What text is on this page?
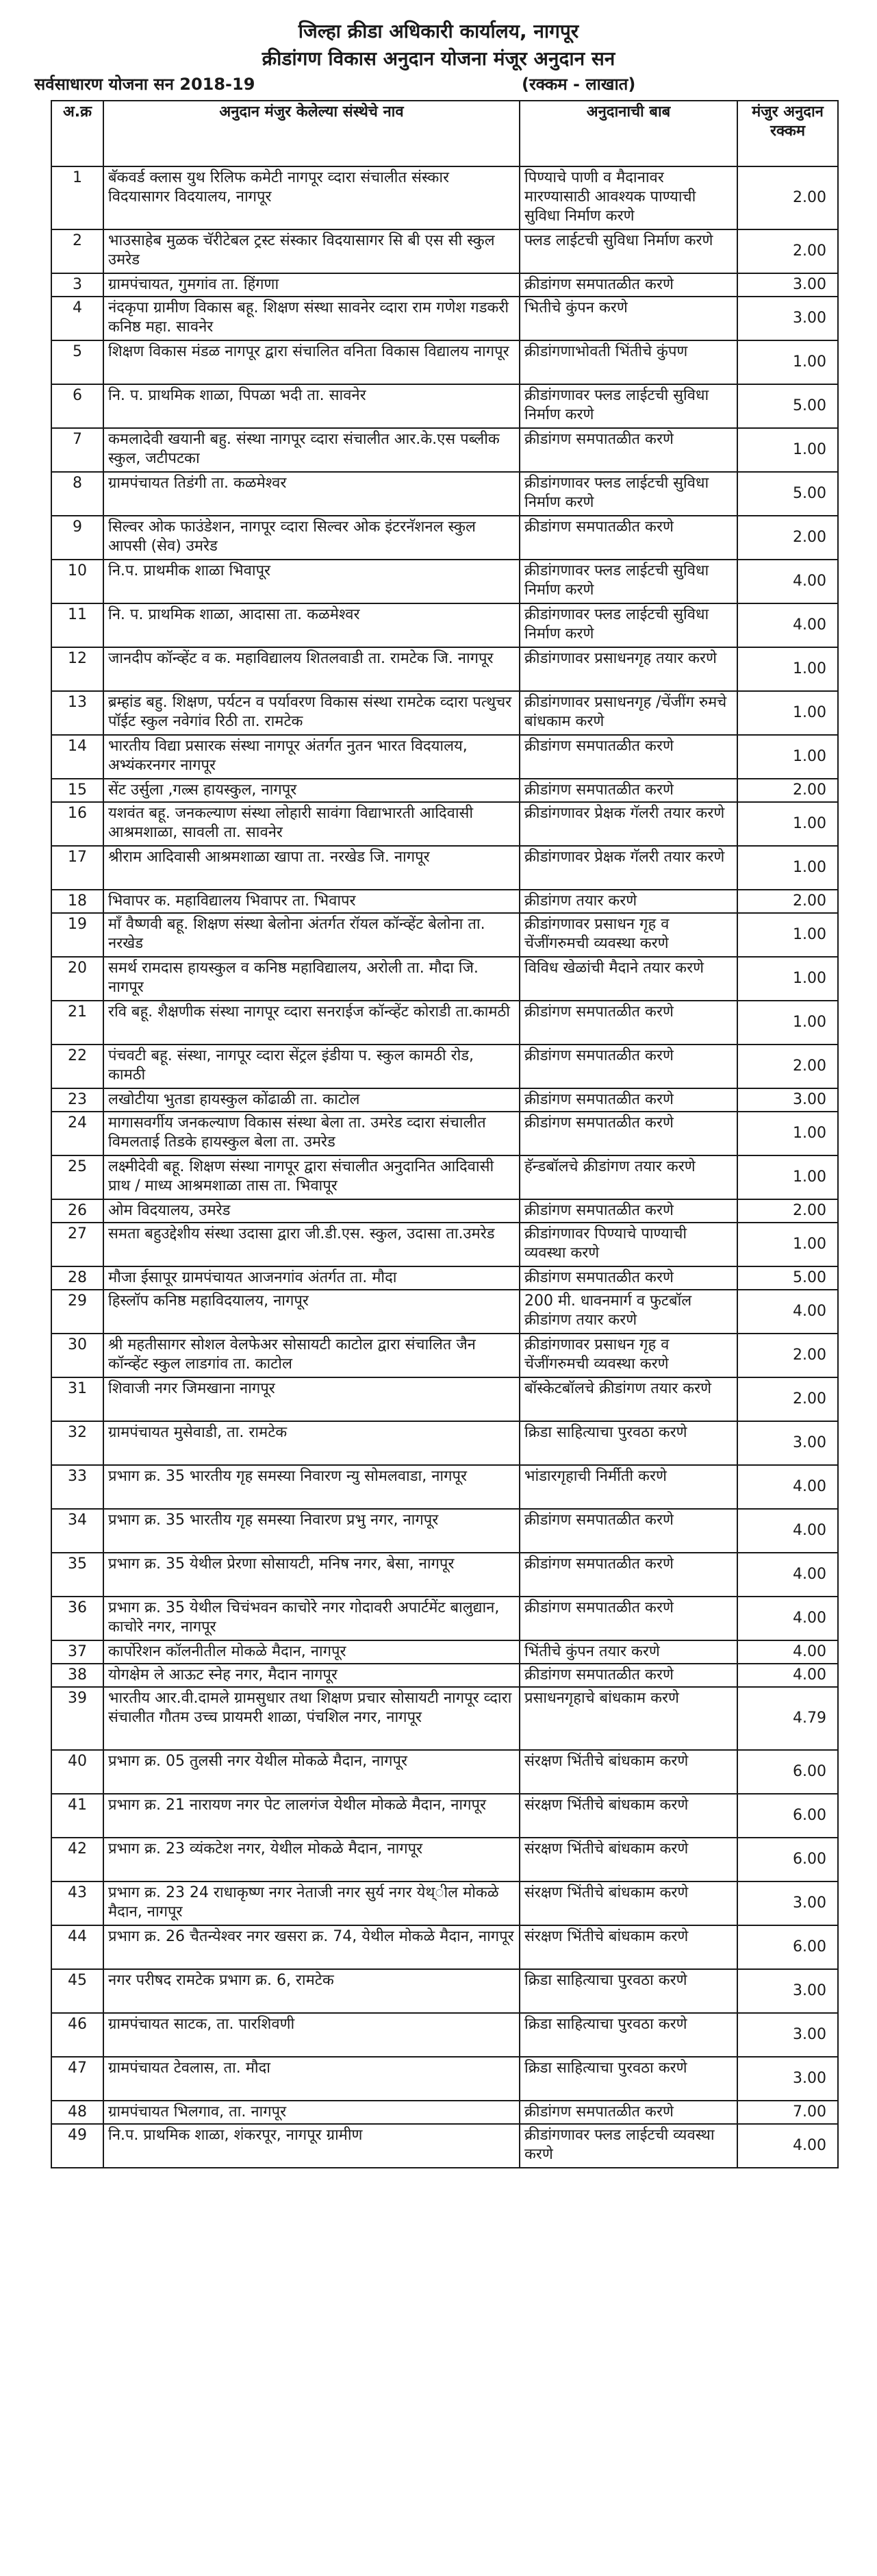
जिल्हा क्रीडा अधिकारी कार्यालय, नागपूर
क्रीडांगण विकास अनुदान योजना मंजूर अनुदान सन
सर्वसाधारण योजना सन 2018-19	(रक्कम - लाखात)
अ.क्र	अनुदान मंजुर केलेल्या संस्थेचे नाव	अनुदानाची बाब	मंजुर अनुदान रक्कम
1	बॅकवर्ड क्लास युथ रिलिफ कमेटी नागपूर व्दारा संचालीत संस्कार विदयासागर विदयालय, नागपूर	पिण्याचे पाणी व मैदानावर मारण्यासाठी आवश्यक पाण्याची सुविधा निर्माण करणे	2.00
2	भाउसाहेब मुळक चॅरीटेबल ट्रस्ट संस्कार विदयासागर सि बी एस सी स्कुल उमरेड	फ्लड लाईटची सुविधा निर्माण करणे	2.00
3	ग्रामपंचायत, गुमगांव ता. हिंगणा	क्रीडांगण समपातळीत करणे	3.00
4	नंदकृपा ग्रामीण विकास बहू. शिक्षण संस्था सावनेर व्दारा राम गणेश गडकरी कनिष्ठ महा. सावनेर	भितीचे कुंपन करणे	3.00
5	शिक्षण विकास मंडळ नागपूर द्वारा संचालित वनिता विकास विद्यालय नागपूर	क्रीडांगणाभोवती भिंतीचे कुंपण	1.00
6	नि. प. प्राथमिक शाळा, पिपळा भदी ता. सावनेर	क्रीडांगणावर फ्लड लाईटची सुविधा निर्माण करणे	5.00
7	कमलादेवी खयानी बहु. संस्था नागपूर व्दारा संचालीत आर.के.एस पब्लीक स्कुल, जटीपटका	क्रीडांगण समपातळीत करणे	1.00
8	ग्रामपंचायत तिडंगी ता. कळमेश्वर	क्रीडांगणावर फ्लड लाईटची सुविधा निर्माण करणे	5.00
9	सिल्वर ओक फाउंडेशन, नागपूर व्दारा सिल्वर ओक इंटरनॅशनल स्कुल आपसी (सेव) उमरेड	क्रीडांगण समपातळीत करणे	2.00
10	नि.प. प्राथमीक शाळा भिवापूर	क्रीडांगणावर फ्लड लाईटची सुविधा निर्माण करणे	4.00
11	नि. प. प्राथमिक शाळा, आदासा ता. कळमेश्वर	क्रीडांगणावर फ्लड लाईटची सुविधा निर्माण करणे	4.00
12	जानदीप कॉन्व्हेंट व क. महाविद्यालय शितलवाडी ता. रामटेक जि. नागपूर	क्रीडांगणावर प्रसाधनगृह तयार करणे	1.00
13	ब्रम्हांड बहु. शिक्षण, पर्यटन व पर्यावरण विकास संस्था रामटेक व्दारा पत्थुचर पॉईट स्कुल नवेगांव रिठी ता. रामटेक	क्रीडांगणावर प्रसाधनगृह /चेंजींग रुमचे बांधकाम करणे	1.00
14	भारतीय विद्या प्रसारक संस्था नागपूर अंतर्गत नुतन भारत विदयालय, अभ्यंकरनगर नागपूर	क्रीडांगण समपातळीत करणे	1.00
15	सेंट उर्सुला ,गल्र्स हायस्कुल, नागपूर	क्रीडांगण समपातळीत करणे	2.00
16	यशवंत बहू. जनकल्याण संस्था लोहारी सावंगा विद्याभारती आदिवासी आश्रमशाळा, सावली ता. सावनेर	क्रीडांगणावर प्रेक्षक गॅलरी तयार करणे	1.00
17	श्रीराम आदिवासी आश्रमशाळा खापा ता. नरखेड जि. नागपूर	क्रीडांगणावर प्रेक्षक गॅलरी तयार करणे	1.00
18	भिवापर क. महाविद्यालय भिवापर ता. भिवापर	क्रीडांगण तयार करणे	2.00
19	माँ वैष्णवी बहू. शिक्षण संस्था बेलोना अंतर्गत रॉयल कॉन्व्हेंट बेलोना ता. नरखेड	क्रीडांगणावर प्रसाधन गृह व चेंजींगरुमची व्यवस्था करणे	1.00
20	समर्थ रामदास हायस्कुल व कनिष्ठ महाविद्यालय, अरोली ता. मौदा जि. नागपूर	विविध खेळांची मैदाने तयार करणे	1.00
21	रवि बहू. शैक्षणीक संस्था नागपूर व्दारा सनराईज कॉन्व्हेंट कोराडी ता.कामठी	क्रीडांगण समपातळीत करणे	1.00
22	पंचवटी बहू. संस्था, नागपूर व्दारा सेंट्रल इंडीया प. स्कुल कामठी रोड, कामठी	क्रीडांगण समपातळीत करणे	2.00
23	लखोटीया भुतडा हायस्कुल कोंढाळी ता. काटोल	क्रीडांगण समपातळीत करणे	3.00
24	मागासवर्गीय जनकल्याण विकास संस्था बेला ता. उमरेड व्दारा संचालीत विमलताई तिडके हायस्कुल बेला ता. उमरेड	क्रीडांगण समपातळीत करणे	1.00
25	लक्ष्मीदेवी बहू. शिक्षण संस्था नागपूर द्वारा संचालीत अनुदानित आदिवासी प्राथ / माध्य आश्रमशाळा तास ता. भिवापूर	हॅन्डबॉलचे क्रीडांगण तयार करणे	1.00
26	ओम विदयालय, उमरेड	क्रीडांगण समपातळीत करणे	2.00
27	समता बहुउद्देशीय संस्था उदासा द्वारा जी.डी.एस. स्कुल, उदासा ता.उमरेड	क्रीडांगणावर पिण्याचे पाण्याची व्यवस्था करणे	1.00
28	मौजा ईसापूर ग्रामपंचायत आजनगांव अंतर्गत ता. मौदा	क्रीडांगण समपातळीत करणे	5.00
29	हिस्लॉप कनिष्ठ महाविदयालय, नागपूर	200 मी. धावनमार्ग व फुटबॉल क्रीडांगण तयार करणे	4.00
30	श्री महतीसागर सोशल वेलफेअर सोसायटी काटोल द्वारा संचालित जैन कॉन्व्हेंट स्कुल लाडगांव ता. काटोल	क्रीडांगणावर प्रसाधन गृह व चेंजींगरुमची व्यवस्था करणे	2.00
31	शिवाजी नगर जिमखाना नागपूर	बॉस्केटबॉलचे क्रीडांगण तयार करणे	2.00
32	ग्रामपंचायत मुसेवाडी, ता. रामटेक	क्रिडा साहित्याचा पुरवठा करणे	3.00
33	प्रभाग क्र. 35 भारतीय गृह समस्या निवारण न्यु सोमलवाडा, नागपूर	भांडारगृहाची निर्मीती करणे	4.00
34	प्रभाग क्र. 35 भारतीय गृह समस्या निवारण प्रभु नगर, नागपूर	क्रीडांगण समपातळीत करणे	4.00
35	प्रभाग क्र. 35 येथील प्रेरणा सोसायटी, मनिष नगर, बेसा, नागपूर	क्रीडांगण समपातळीत करणे	4.00
36	प्रभाग क्र. 35 येथील चिचंभवन काचोरे नगर गोदावरी अपार्टमेंट बालुद्यान, काचोरे नगर, नागपूर	क्रीडांगण समपातळीत करणे	4.00
37	कार्पोरेशन कॉलनीतील मोकळे मैदान, नागपूर	भिंतीचे कुंपन तयार करणे	4.00
38	योगक्षेम ले आऊट स्नेह नगर, मैदान नागपूर	क्रीडांगण समपातळीत करणे	4.00
39	भारतीय आर.वी.दामले ग्रामसुधार तथा शिक्षण प्रचार सोसायटी नागपूर व्दारा संचालीत गौतम उच्च प्रायमरी शाळा, पंचशिल नगर, नागपूर	प्रसाधनगृहाचे बांधकाम करणे	4.79
40	प्रभाग क्र. 05 तुलसी नगर येथील मोकळे मैदान, नागपूर	संरक्षण भिंतीचे बांधकाम करणे	6.00
41	प्रभाग क्र. 21 नारायण नगर पेट लालगंज येथील मोकळे मैदान, नागपूर	संरक्षण भिंतीचे बांधकाम करणे	6.00
42	प्रभाग क्र. 23 व्यंकटेश नगर, येथील मोकळे मैदान, नागपूर	संरक्षण भिंतीचे बांधकाम करणे	6.00
43	प्रभाग क्र. 23 24 राधाकृष्ण नगर नेताजी नगर सुर्य नगर येथ्ील मोकळे मैदान, नागपूर	संरक्षण भिंतीचे बांधकाम करणे	3.00
44	प्रभाग क्र. 26 चैतन्येश्वर नगर खसरा क्र. 74, येथील मोकळे मैदान, नागपूर	संरक्षण भिंतीचे बांधकाम करणे	6.00
45	नगर परीषद रामटेक प्रभाग क्र. 6, रामटेक	क्रिडा साहित्याचा पुरवठा करणे	3.00
46	ग्रामपंचायत साटक, ता. पारशिवणी	क्रिडा साहित्याचा पुरवठा करणे	3.00
47	ग्रामपंचायत टेवलास, ता. मौदा	क्रिडा साहित्याचा पुरवठा करणे	3.00
48	ग्रामपंचायत भिलगाव, ता. नागपूर	क्रीडांगण समपातळीत करणे	7.00
49	नि.प. प्राथमिक शाळा, शंकरपूर, नागपूर ग्रामीण	क्रीडांगणावर फ्लड लाईटची व्यवस्था करणे	4.00
